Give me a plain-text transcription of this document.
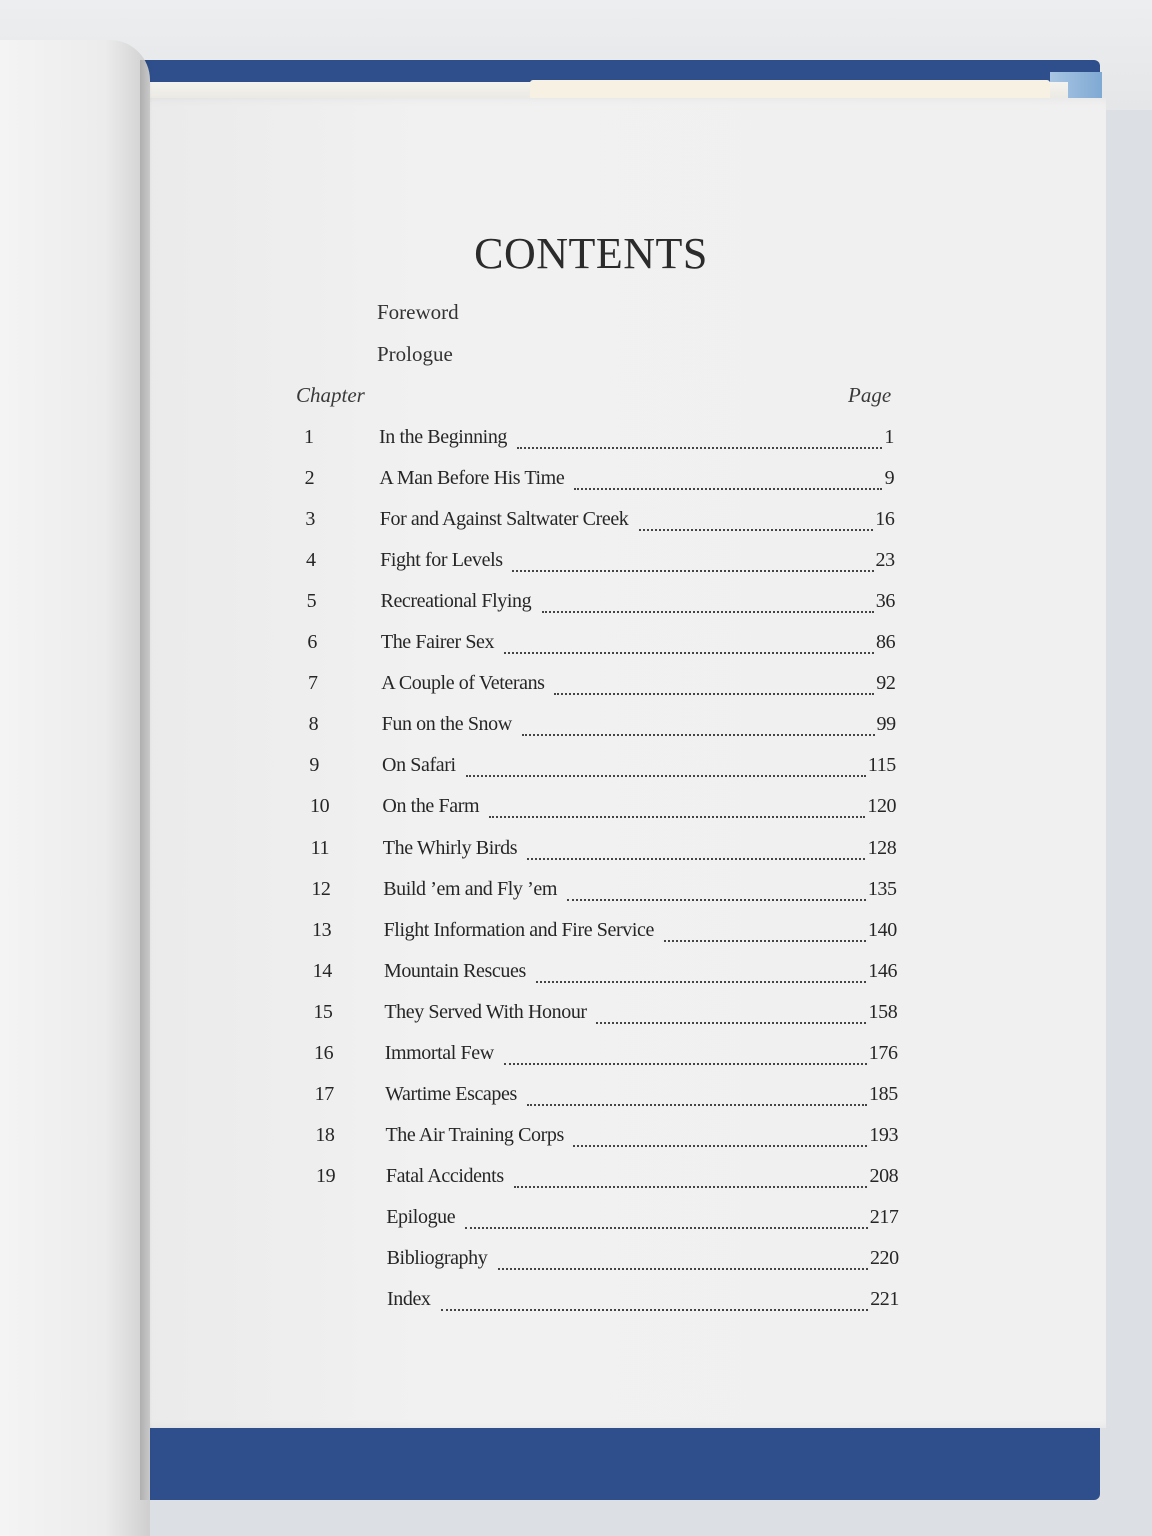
CONTENTS
Foreword
Prologue
Chapter	Page
1	In the Beginning	1
2	A Man Before His Time	9
3	For and Against Saltwater Creek	16
4	Fight for Levels	23
5	Recreational Flying	36
6	The Fairer Sex	86
7	A Couple of Veterans	92
8	Fun on the Snow	99
9	On Safari	115
10	On the Farm	120
11	The Whirly Birds	128
12	Build ’em and Fly ’em	135
13	Flight Information and Fire Service	140
14	Mountain Rescues	146
15	They Served With Honour	158
16	Immortal Few	176
17	Wartime Escapes	185
18	The Air Training Corps	193
19	Fatal Accidents	208
Epilogue	217
Bibliography	220
Index	221
